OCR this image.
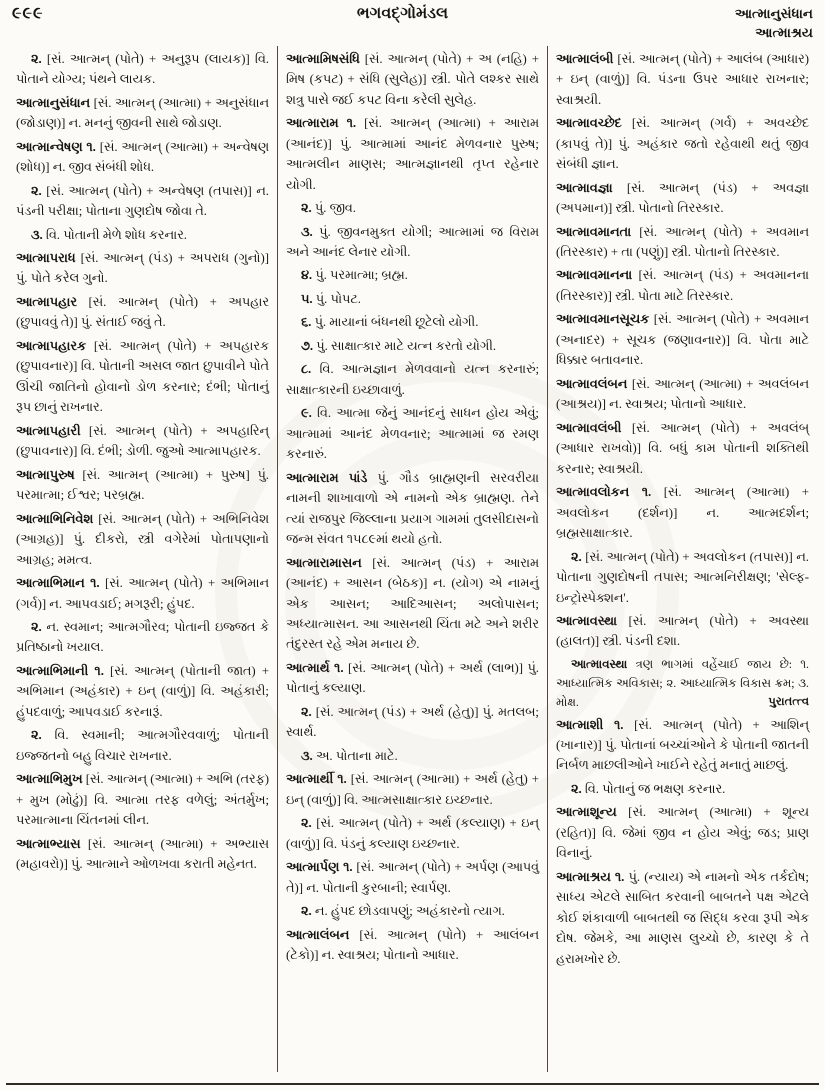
૯૯૯	ભગવદ્ગોમંડલ	આત્માનુસંધાન
આત્માશ્રય

૨. [સં. આત્મન્ (પોતે) + અનુરૂપ (લાયક)] વિ. પોતાને યોગ્ય; પંથને લાયક.

આત્માનુસંધાન [સં. આત્મન્ (આત્મા) + અનુસંધાન (જોડાણ)] ન. મનનું જીવની સાથે જોડાણ.

આત્માન્વેષણ ૧. [સં. આત્મન્ (આત્મા) + અન્વેષણ (શોધ)] ન. જીવ સંબંધી શોધ.

૨. [સં. આત્મન્ (પોતે) + અન્વેષણ (તપાસ)] ન. પંડની પરીક્ષા; પોતાના ગુણદોષ જોવા તે.

૩. વિ. પોતાની મેળે શોધ કરનાર.

આત્માપરાધ [સં. આત્મન્ (પંડ) + અપરાધ (ગુનો)] પું. પોતે કરેલ ગુનો.

આત્માપહાર [સં. આત્મન્ (પોતે) + અપહાર (છુપાવવું તે)] પું. સંતાઈ જવું તે.

આત્માપહારક [સં. આત્મન્ (પોતે) + અપહારક (છુપાવનાર)] વિ. પોતાની અસલ જાત છુપાવીને પોતે ઊંચી જાતિનો હોવાનો ડોળ કરનાર; દંભી; પોતાનું રૂપ છાનું રાખનાર.

આત્માપહારી [સં. આત્મન્ (પોતે) + અપહારિન્ (છુપાવનાર)] વિ. દંભી; ડોળી. જુઓ આત્માપહારક.

આત્માપુરુષ [સં. આત્મન્ (આત્મા) + પુરુષ] પું. પરમાત્મા; ઈશ્વર; પરબ્રહ્મ.

આત્માભિનિવેશ [સં. આત્મન્ (પોતે) + અભિનિવેશ (આગ્રહ)] પું. દીકરો, સ્ત્રી વગેરેમાં પોતાપણાનો આગ્રહ; મમત્વ.

આત્માભિમાન ૧. [સં. આત્મન્ (પોતે) + અભિમાન (ગર્વ)] ન. આપવડાઈ; મગરૂરી; હુંપદ.

૨. ન. સ્વમાન; આત્મગૌરવ; પોતાની ઇજ્જત કે પ્રતિષ્ઠાનો ખયાલ.

આત્માભિમાની ૧. [સં. આત્મન્ (પોતાની જાત) + અભિમાન (અહંકાર) + ઇન્ (વાળું)] વિ. અહંકારી; હુંપદવાળું; આપવડાઈ કરનારૂં.

૨. વિ. સ્વમાની; આત્મગૌરવવાળું; પોતાની ઇજ્જતનો બહુ વિચાર રાખનાર.

આત્માભિમુખ [સં. આત્મન્ (આત્મા) + અભિ (તરફ) + મુખ (મોઢું)] વિ. આત્મા તરફ વળેલું; અંતર્મુખ; પરમાત્માના ચિંતનમાં લીન.

આત્માભ્યાસ [સં. આત્મન્ (આત્મા) + અભ્યાસ (મહાવરો)] પું. આત્માને ઓળખવા કરાતી મહેનત.

આત્મામિષસંધિ [સં. આત્મન્ (પોતે) + અ (નહિ) + મિષ (કપટ) + સંધિ (સુલેહ)] સ્ત્રી. પોતે લશ્કર સાથે શત્રુ પાસે જઈ કપટ વિના કરેલી સુલેહ.

આત્મારામ ૧. [સં. આત્મન્ (આત્મા) + આરામ (આનંદ)] પું. આત્મામાં આનંદ મેળવનાર પુરુષ; આત્મલીન માણસ; આત્મજ્ઞાનથી તૃપ્ત રહેનાર યોગી.

૨. પું. જીવ.

૩. પું. જીવનમુક્ત યોગી; આત્મામાં જ વિરામ અને આનંદ લેનાર યોગી.

૪. પું. પરમાત્મા; બ્રહ્મ.

૫. પું. પોપટ.

૬. પું. માયાનાં બંધનથી છૂટેલો યોગી.

૭. પું. સાક્ષાત્કાર માટે યત્ન કરતો યોગી.

૮. વિ. આત્મજ્ઞાન મેળવવાનો યત્ન કરનારું; સાક્ષાત્કારની ઇચ્છાવાળું.

૯. વિ. આત્મા જેનું આનંદનું સાધન હોય એવું; આત્મામાં આનંદ મેળવનાર; આત્મામાં જ રમણ કરનારું.

આત્મારામ પાંડે પું. ગૌડ બ્રાહ્મણની સરવરીયા નામની શાખાવાળો એ નામનો એક બ્રાહ્મણ. તેને ત્યાં રાજપુર જિલ્લાના પ્રયાગ ગામમાં તુલસીદાસનો જન્મ સંવત ૧૫૮૯માં થયો હતો.

આત્મારામાસન [સં. આત્મન્ (પંડ) + આરામ (આનંદ) + આસન (બેઠક)] ન. (યોગ) એ નામનું એક આસન; આદિઆસન; અલોપાસન; અધ્યાત્માસન. આ આસનથી ચિંતા મટે અને શરીર તંદુરસ્ત રહે એમ મનાય છે.

આત્માર્થ ૧. [સં. આત્મન્ (પોતે) + અર્થ (લાભ)] પું. પોતાનું કલ્યાણ.

૨. [સં. આત્મન્ (પંડ) + અર્થ (હેતુ)] પું. મતલબ; સ્વાર્થ.

૩. અ. પોતાના માટે.

આત્માર્થી ૧. [સં. આત્મન્ (આત્મા) + અર્થ (હેતુ) + ઇન્ (વાળું)] વિ. આત્મસાક્ષાત્કાર ઇચ્છનાર.

૨. [સં. આત્મન્ (પોતે) + અર્થ (કલ્યાણ) + ઇન્ (વાળું)] વિ. પંડનું કલ્યાણ ઇચ્છનાર.

આત્માર્પણ ૧. [સં. આત્મન્ (પોતે) + અર્પણ (આપવું તે)] ન. પોતાની કુરબાની; સ્વાર્પણ.

૨. ન. હુંપદ છોડવાપણું; અહંકારનો ત્યાગ.

આત્માલંબન [સં. આત્મન્ (પોતે) + આલંબન (ટેકો)] ન. સ્વાશ્રય; પોતાનો આધાર.

આત્માલંબી [સં. આત્મન્ (પોતે) + આલંબ (આધાર) + ઇન્ (વાળું)] વિ. પંડના ઉપર આધાર રાખનાર; સ્વાશ્રયી.

આત્માવચ્છેદ [સં. આત્મન્ (ગર્વ) + અવચ્છેદ (કાપવું તે)] પું. અહંકાર જતો રહેવાથી થતું જીવ સંબંધી જ્ઞાન.

આત્માવજ્ઞા [સં. આત્મન્ (પંડ) + અવજ્ઞા (અપમાન)] સ્ત્રી. પોતાનો તિરસ્કાર.

આત્માવમાનતા [સં. આત્મન્ (પોતે) + અવમાન (તિરસ્કાર) + તા (પણું)] સ્ત્રી. પોતાનો તિરસ્કાર.

આત્માવમાનના [સં. આત્મન્ (પંડ) + અવમાનના (તિરસ્કાર)] સ્ત્રી. પોતા માટે તિરસ્કાર.

આત્માવમાનસૂચક [સં. આત્મન્ (પોતે) + અવમાન (અનાદર) + સૂચક (જણાવનાર)] વિ. પોતા માટે ધિક્કાર બતાવનાર.

આત્માવલંબન [સં. આત્મન્ (આત્મા) + અવલંબન (આશ્રય)] ન. સ્વાશ્રય; પોતાનો આધાર.

આત્માવલંબી [સં. આત્મન્ (પોતે) + અવલંબ્ (આધાર રાખવો)] વિ. બધું કામ પોતાની શક્તિથી કરનાર; સ્વાશ્રયી.

આત્માવલોકન ૧. [સં. આત્મન્ (આત્મા) + અવલોકન (દર્શન)] ન. આત્મદર્શન; બ્રહ્મસાક્ષાત્કાર.

૨. [સં. આત્મન્ (પોતે) + અવલોકન (તપાસ)] ન. પોતાના ગુણદોષની તપાસ; આત્મનિરીક્ષણ; 'સેલ્ફ-ઇન્ટ્રોસ્પેક્શન'.

આત્માવસ્થા [સં. આત્મન્ (પોતે) + અવસ્થા (હાલત)] સ્ત્રી. પંડની દશા.

આત્માવસ્થા ત્રણ ભાગમાં વહેંચાઈ જાય છે: ૧. આધ્યાત્મિક અવિકાસ; ૨. આધ્યાત્મિક વિકાસ ક્રમ; ૩. મોક્ષ.	પુરાતત્ત્વ

આત્માશી ૧. [સં. આત્મન્ (પોતે) + આશિન્ (ખાનાર)] પું. પોતાનાં બચ્ચાંઓને કે પોતાની જાતની નિર્બળ માછલીઓને ખાઈને રહેતું મનાતું માછલું.

૨. વિ. પોતાનું જ ભક્ષણ કરનાર.

આત્માશૂન્ય [સં. આત્મન્ (આત્મા) + શૂન્ય (રહિત)] વિ. જેમાં જીવ ન હોય એવું; જડ; પ્રાણ વિનાનું.

આત્માશ્રય ૧. પું. (ન્યાય) એ નામનો એક તર્કદોષ; સાધ્ય એટલે સાબિત કરવાની બાબતને પક્ષ એટલે કોઈ શંકાવાળી બાબતથી જ સિદ્ધ કરવા રૂપી એક દોષ. જેમકે, આ માણસ લુચ્ચો છે, કારણ કે તે હરામખોર છે.
